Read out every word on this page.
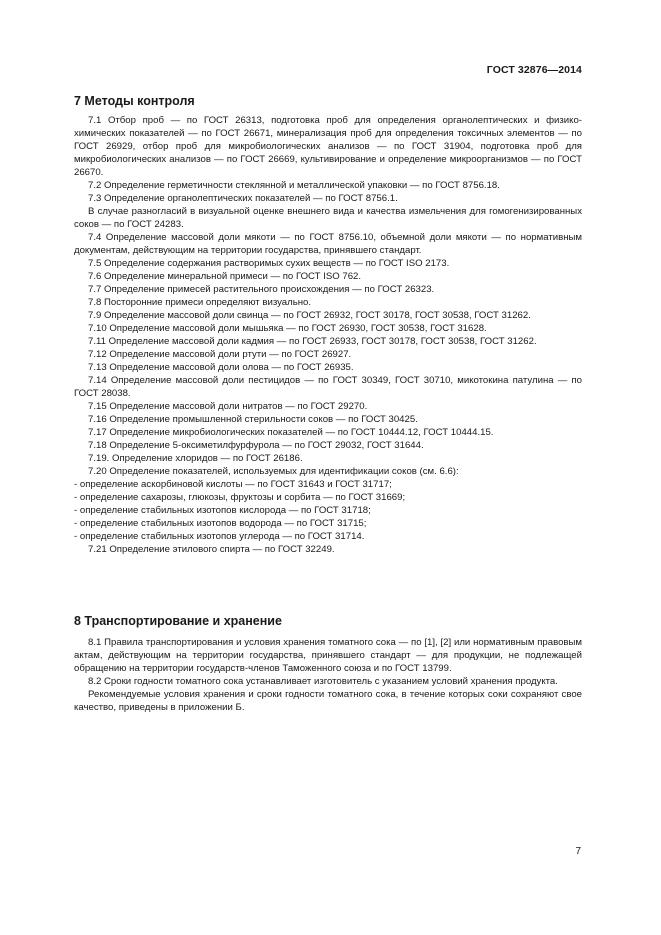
ГОСТ 32876—2014
7 Методы контроля

7.1 Отбор проб — по ГОСТ 26313, подготовка проб для определения органолептических и физико-химических показателей — по ГОСТ 26671, минерализация проб для определения токсичных элементов — по ГОСТ 26929, отбор проб для микробиологических анализов — по ГОСТ 31904, подготовка проб для микробиологических анализов — по ГОСТ 26669, культивирование и определение микроорганизмов — по ГОСТ 26670.

7.2 Определение герметичности стеклянной и металлической упаковки — по ГОСТ 8756.18.

7.3 Определение органолептических показателей — по ГОСТ 8756.1.

В случае разногласий в визуальной оценке внешнего вида и качества измельчения для гомогенизированных соков — по ГОСТ 24283.

7.4 Определение массовой доли мякоти — по ГОСТ 8756.10, объемной доли мякоти — по нормативным документам, действующим на территории государства, принявшего стандарт.

7.5 Определение содержания растворимых сухих веществ — по ГОСТ ISO 2173.

7.6 Определение минеральной примеси — по ГОСТ ISO 762.

7.7 Определение примесей растительного происхождения — по ГОСТ 26323.

7.8 Посторонние примеси определяют визуально.

7.9 Определение массовой доли свинца — по ГОСТ 26932, ГОСТ 30178, ГОСТ 30538, ГОСТ 31262.

7.10 Определение массовой доли мышьяка — по ГОСТ 26930, ГОСТ 30538, ГОСТ 31628.

7.11 Определение массовой доли кадмия — по ГОСТ 26933, ГОСТ 30178, ГОСТ 30538, ГОСТ 31262.

7.12 Определение массовой доли ртути — по ГОСТ 26927.

7.13 Определение массовой доли олова — по ГОСТ 26935.

7.14 Определение массовой доли пестицидов — по ГОСТ 30349, ГОСТ 30710, микотокина патулина — по ГОСТ 28038.

7.15 Определение массовой доли нитратов — по ГОСТ 29270.

7.16 Определение промышленной стерильности соков — по ГОСТ 30425.

7.17 Определение микробиологических показателей — по ГОСТ 10444.12, ГОСТ 10444.15.

7.18 Определение 5-оксиметилфурфурола — по ГОСТ 29032, ГОСТ 31644.

7.19. Определение хлоридов — по ГОСТ 26186.

7.20 Определение показателей, используемых для идентификации соков (см. 6.6):

- определение аскорбиновой кислоты — по ГОСТ 31643 и ГОСТ 31717;

- определение сахарозы, глюкозы, фруктозы и сорбита — по ГОСТ 31669;

- определение стабильных изотопов кислорода — по ГОСТ 31718;

- определение стабильных изотопов водорода — по ГОСТ 31715;

- определение стабильных изотопов углерода — по ГОСТ 31714.

7.21 Определение этилового спирта — по ГОСТ 32249.

8 Транспортирование и хранение

8.1 Правила транспортирования и условия хранения томатного сока — по [1], [2] или нормативным правовым актам, действующим на территории государства, принявшего стандарт — для продукции, не подлежащей обращению на территории государств-членов Таможенного союза и по ГОСТ 13799.

8.2 Сроки годности томатного сока устанавливает изготовитель с указанием условий хранения продукта.

Рекомендуемые условия хранения и сроки годности томатного сока, в течение которых соки сохраняют свое качество, приведены в приложении Б.

7
